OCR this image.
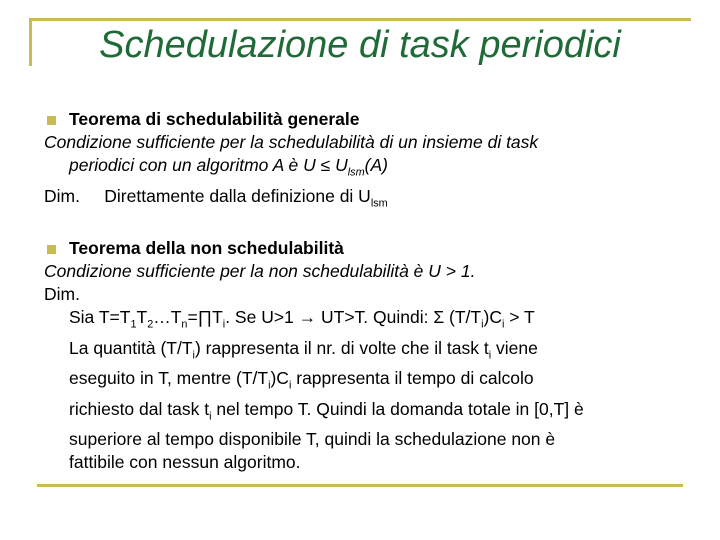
Schedulazione di task periodici
Teorema di schedulabilità generale
Condizione sufficiente per la schedulabilità di un insieme di task
periodici con un algoritmo A è $U \le U_{lsm}(A)$
Dim. Direttamente dalla definizione di $U_{lsm}$
Teorema della non schedulabilità
Condizione sufficiente per la non schedulabilità è U > 1.
Dim.
Sia $T=T_1T_2\dots T_n=\prod T_i$. Se U>1 → UT>T. Quindi: Σ $(T/T_i)C_i > T$
La quantità $(T/T_i)$ rappresenta il nr. di volte che il task $t_i$ viene
eseguito in T, mentre $(T/T_i)C_i$ rappresenta il tempo di calcolo
richiesto dal task $t_i$ nel tempo T. Quindi la domanda totale in [0,T] è
superiore al tempo disponibile T, quindi la schedulazione non è
fattibile con nessun algoritmo.
